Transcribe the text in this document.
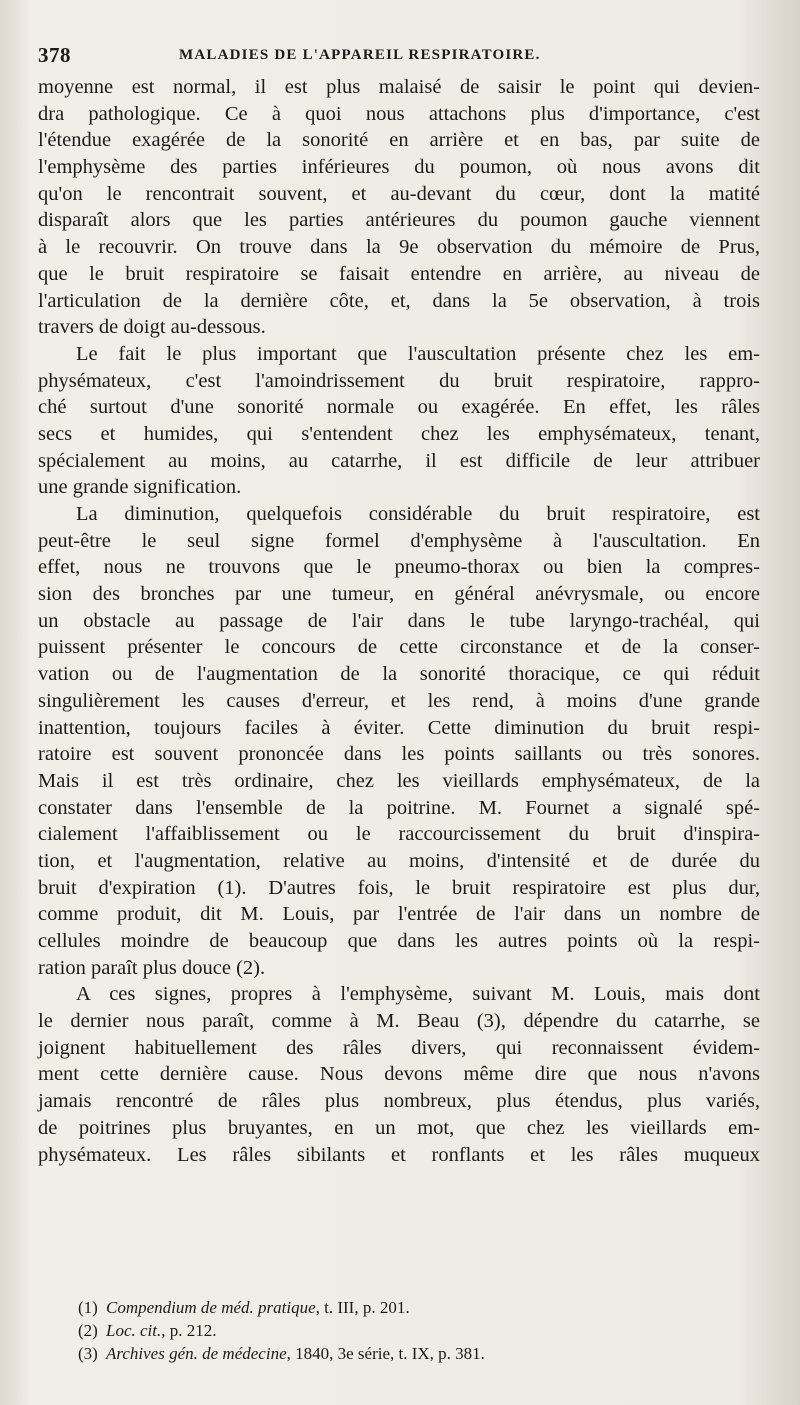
378	MALADIES DE L'APPAREIL RESPIRATOIRE.
moyenne est normal, il est plus malaisé de saisir le point qui devien-
dra pathologique. Ce à quoi nous attachons plus d'importance, c'est
l'étendue exagérée de la sonorité en arrière et en bas, par suite de
l'emphysème des parties inférieures du poumon, où nous avons dit
qu'on le rencontrait souvent, et au-devant du cœur, dont la matité
disparaît alors que les parties antérieures du poumon gauche viennent
à le recouvrir. On trouve dans la 9e observation du mémoire de Prus,
que le bruit respiratoire se faisait entendre en arrière, au niveau de
l'articulation de la dernière côte, et, dans la 5e observation, à trois
travers de doigt au-dessous.
Le fait le plus important que l'auscultation présente chez les em-
physémateux, c'est l'amoindrissement du bruit respiratoire, rappro-
ché surtout d'une sonorité normale ou exagérée. En effet, les râles
secs et humides, qui s'entendent chez les emphysémateux, tenant,
spécialement au moins, au catarrhe, il est difficile de leur attribuer
une grande signification.
La diminution, quelquefois considérable du bruit respiratoire, est
peut-être le seul signe formel d'emphysème à l'auscultation. En
effet, nous ne trouvons que le pneumo-thorax ou bien la compres-
sion des bronches par une tumeur, en général anévrysmale, ou encore
un obstacle au passage de l'air dans le tube laryngo-trachéal, qui
puissent présenter le concours de cette circonstance et de la conser-
vation ou de l'augmentation de la sonorité thoracique, ce qui réduit
singulièrement les causes d'erreur, et les rend, à moins d'une grande
inattention, toujours faciles à éviter. Cette diminution du bruit respi-
ratoire est souvent prononcée dans les points saillants ou très sonores.
Mais il est très ordinaire, chez les vieillards emphysémateux, de la
constater dans l'ensemble de la poitrine. M. Fournet a signalé spé-
cialement l'affaiblissement ou le raccourcissement du bruit d'inspira-
tion, et l'augmentation, relative au moins, d'intensité et de durée du
bruit d'expiration (1). D'autres fois, le bruit respiratoire est plus dur,
comme produit, dit M. Louis, par l'entrée de l'air dans un nombre de
cellules moindre de beaucoup que dans les autres points où la respi-
ration paraît plus douce (2).
A ces signes, propres à l'emphysème, suivant M. Louis, mais dont
le dernier nous paraît, comme à M. Beau (3), dépendre du catarrhe, se
joignent habituellement des râles divers, qui reconnaissent évidem-
ment cette dernière cause. Nous devons même dire que nous n'avons
jamais rencontré de râles plus nombreux, plus étendus, plus variés,
de poitrines plus bruyantes, en un mot, que chez les vieillards em-
physémateux. Les râles sibilants et ronflants et les râles muqueux
(1) Compendium de méd. pratique, t. III, p. 201.
(2) Loc. cit., p. 212.
(3) Archives gén. de médecine, 1840, 3e série, t. IX, p. 381.
